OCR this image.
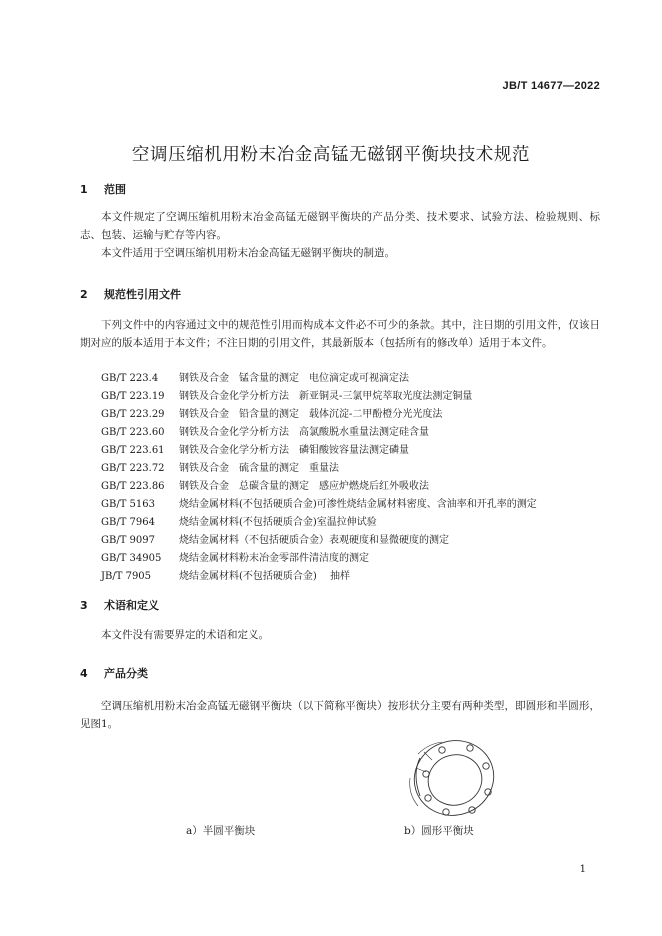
JB/T 14677—2022
空调压缩机用粉末冶金高锰无磁钢平衡块技术规范
1 范围
本文件规定了空调压缩机用粉末冶金高锰无磁钢平衡块的产品分类、技术要求、试验方法、检验规则、标志、包装、运输与贮存等内容。
本文件适用于空调压缩机用粉末冶金高锰无磁钢平衡块的制造。
2 规范性引用文件
下列文件中的内容通过文中的规范性引用而构成本文件必不可少的条款。其中，注日期的引用文件，仅该日期对应的版本适用于本文件；不注日期的引用文件，其最新版本（包括所有的修改单）适用于本文件。
GB/T 223.4	钢铁及合金　锰含量的测定　电位滴定或可视滴定法
GB/T 223.19	钢铁及合金化学分析方法　新亚铜灵-三氯甲烷萃取光度法测定铜量
GB/T 223.29	钢铁及合金　铅含量的测定　载体沉淀-二甲酚橙分光光度法
GB/T 223.60	钢铁及合金化学分析方法　高氯酸脱水重量法测定硅含量
GB/T 223.61	钢铁及合金化学分析方法　磷钼酸铵容量法测定磷量
GB/T 223.72	钢铁及合金　硫含量的测定　重量法
GB/T 223.86	钢铁及合金　总碳含量的测定　感应炉燃烧后红外吸收法
GB/T 5163	烧结金属材料(不包括硬质合金)可渗性烧结金属材料密度、含油率和开孔率的测定
GB/T 7964	烧结金属材料(不包括硬质合金)室温拉伸试验
GB/T 9097	烧结金属材料（不包括硬质合金）表观硬度和显微硬度的测定
GB/T 34905	烧结金属材料粉末冶金零部件清洁度的测定
JB/T 7905	烧结金属材料(不包括硬质合金)　 抽样
3 术语和定义
本文件没有需要界定的术语和定义。
4 产品分类
空调压缩机用粉末冶金高锰无磁钢平衡块（以下简称平衡块）按形状分主要有两种类型，即圆形和半圆形，见图1。
a）半圆平衡块	b）圆形平衡块
1
